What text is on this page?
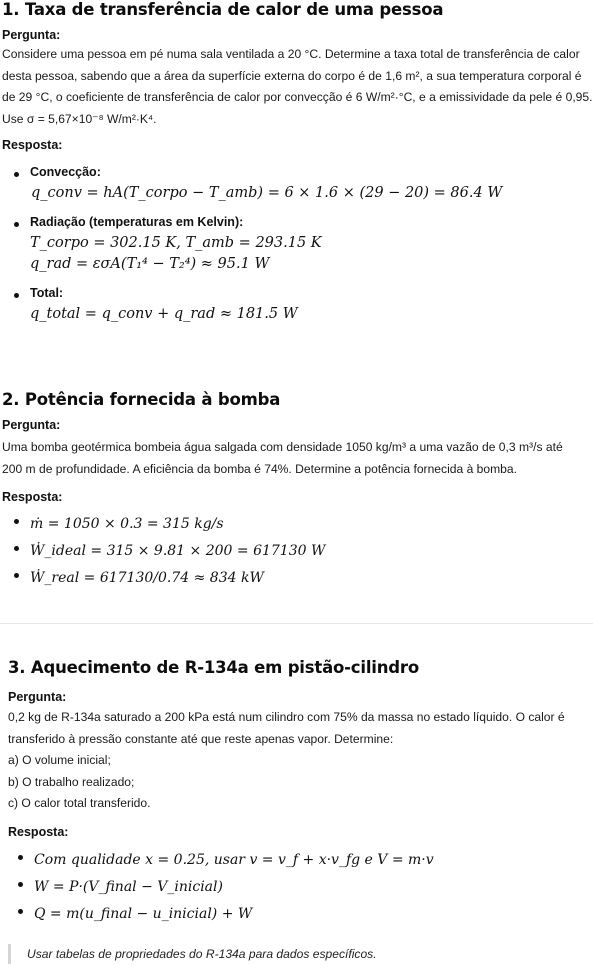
1. Taxa de transferência de calor de uma pessoa

Pergunta:

Considere uma pessoa em pé numa sala ventilada a 20 °C. Determine a taxa total de transferência de calor

desta pessoa, sabendo que a área da superfície externa do corpo é de 1,6 m², a sua temperatura corporal é

de 29 °C, o coeficiente de transferência de calor por convecção é 6 W/m²·°C, e a emissividade da pele é 0,95.

Use σ = 5,67×10⁻⁸ W/m²·K⁴.

Resposta:

Convecção:
q_conv = hA(T_corpo − T_amb) = 6 × 1.6 × (29 − 20) = 86.4 W
Radiação (temperaturas em Kelvin):
T_corpo = 302.15 K, T_amb = 293.15 K
q_rad = εσA(T₁⁴ − T₂⁴) ≈ 95.1 W
Total:
q_total = q_conv + q_rad ≈ 181.5 W
2. Potência fornecida à bomba

Pergunta:

Uma bomba geotérmica bombeia água salgada com densidade 1050 kg/m³ a uma vazão de 0,3 m³/s até

200 m de profundidade. A eficiência da bomba é 74%. Determine a potência fornecida à bomba.

Resposta:

ṁ = 1050 × 0.3 = 315 kg/s
Ẇ_ideal = 315 × 9.81 × 200 = 617130 W
Ẇ_real = 617130/0.74 ≈ 834 kW
3. Aquecimento de R-134a em pistão-cilindro

Pergunta:

0,2 kg de R-134a saturado a 200 kPa está num cilindro com 75% da massa no estado líquido. O calor é

transferido à pressão constante até que reste apenas vapor. Determine:

a) O volume inicial;

b) O trabalho realizado;

c) O calor total transferido.

Resposta:

Com qualidade x = 0.25, usar v = v_f + x·v_fg e V = m·v
W = P·(V_final − V_inicial)
Q = m(u_final − u_inicial) + W
Usar tabelas de propriedades do R-134a para dados específicos.
